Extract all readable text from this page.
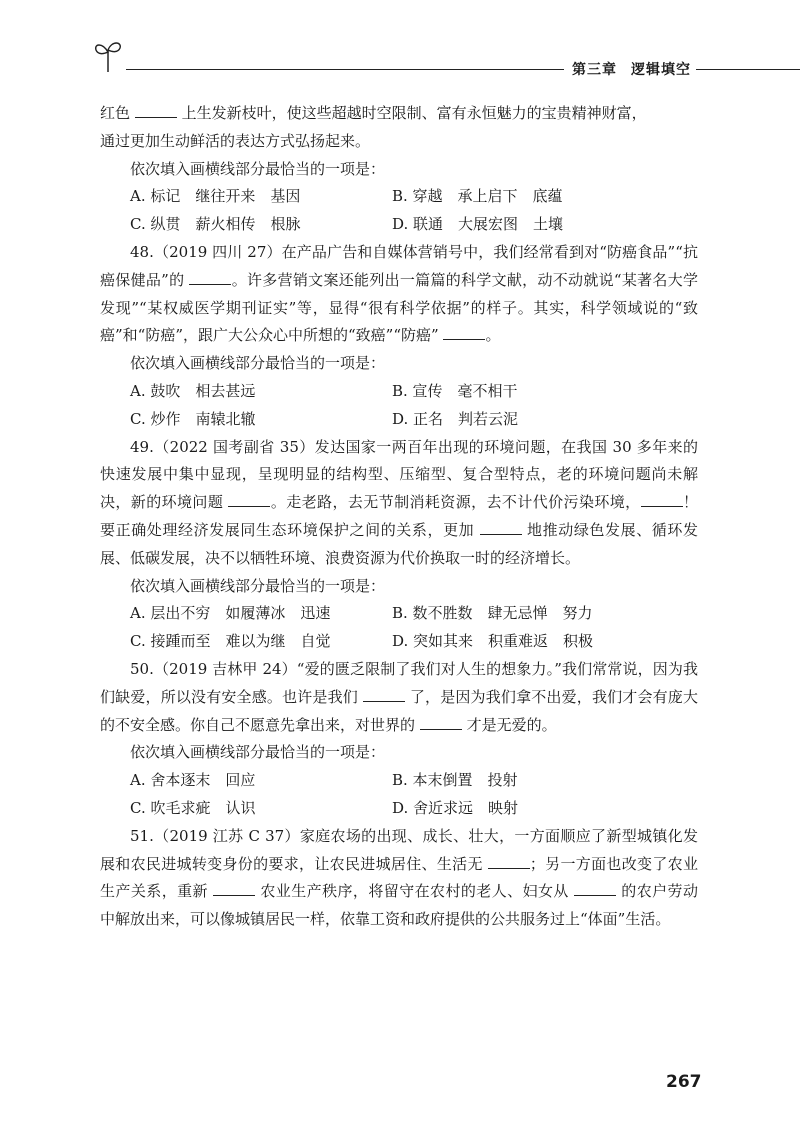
第三章 逻辑填空

红色	上生发新枝叶，使这些超越时空限制、富有永恒魅力的宝贵精神财富，

通过更加生动鲜活的表达方式弘扬起来。

依次填入画横线部分最恰当的一项是：

A. 标记　继往开来　基因	B. 穿越　承上启下　底蕴
C. 纵贯　薪火相传　根脉	D. 联通　大展宏图　土壤

48.（2019 四川 27）在产品广告和自媒体营销号中，我们经常看到对“防癌食品”“抗癌保健品”的	。许多营销文案还能列出一篇篇的科学文献，动不动就说“某著名大学发现”“某权威医学期刊证实”等，显得“很有科学依据”的样子。其实，科学领域说的“致癌”和“防癌”，跟广大公众心中所想的“致癌”“防癌”	。

依次填入画横线部分最恰当的一项是：

A. 鼓吹　相去甚远	B. 宣传　毫不相干
C. 炒作　南辕北辙	D. 正名　判若云泥

49.（2022 国考副省 35）发达国家一两百年出现的环境问题，在我国 30 多年来的快速发展中集中显现，呈现明显的结构型、压缩型、复合型特点，老的环境问题尚未解决，新的环境问题	。走老路，去无节制消耗资源，去不计代价污染环境，	！要正确处理经济发展同生态环境保护之间的关系，更加	地推动绿色发展、循环发展、低碳发展，决不以牺牲环境、浪费资源为代价换取一时的经济增长。

依次填入画横线部分最恰当的一项是：

A. 层出不穷　如履薄冰　迅速	B. 数不胜数　肆无忌惮　努力
C. 接踵而至　难以为继　自觉	D. 突如其来　积重难返　积极

50.（2019 吉林甲 24）“爱的匮乏限制了我们对人生的想象力。”我们常常说，因为我们缺爱，所以没有安全感。也许是我们	了，是因为我们拿不出爱，我们才会有庞大的不安全感。你自己不愿意先拿出来，对世界的	才是无爱的。

依次填入画横线部分最恰当的一项是：

A. 舍本逐末　回应	B. 本末倒置　投射
C. 吹毛求疵　认识	D. 舍近求远　映射

51.（2019 江苏 C 37）家庭农场的出现、成长、壮大，一方面顺应了新型城镇化发展和农民进城转变身份的要求，让农民进城居住、生活无	；另一方面也改变了农业生产关系，重新	农业生产秩序，将留守在农村的老人、妇女从	的农户劳动中解放出来，可以像城镇居民一样，依靠工资和政府提供的公共服务过上“体面”生活。

267
